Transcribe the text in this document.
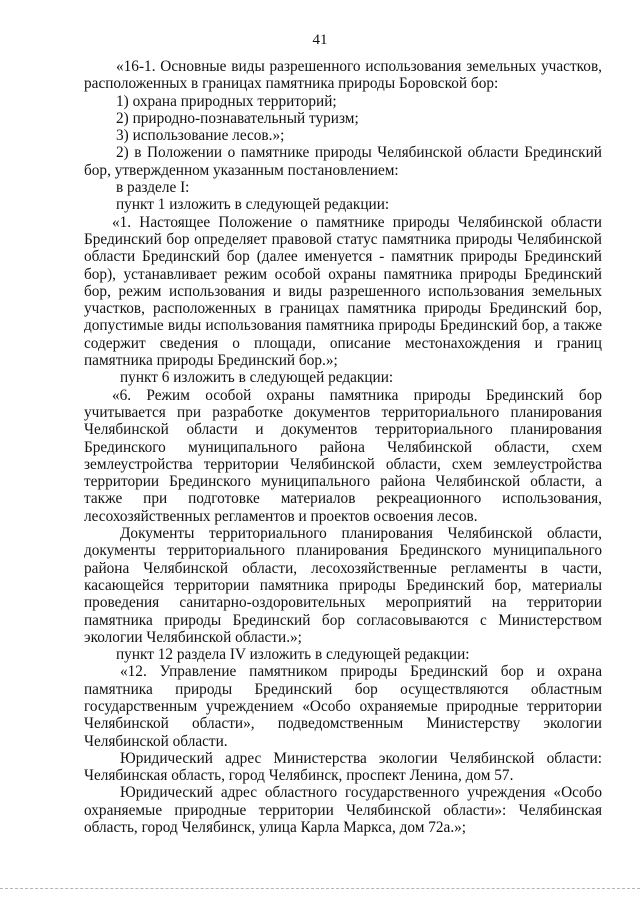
41

«16-1. Основные виды разрешенного использования земельных участков, расположенных в границах памятника природы Боровской бор:

1) охрана природных территорий;

2) природно-познавательный туризм;

3) использование лесов.»;

2) в Положении о памятнике природы Челябинской области Брединский бор, утвержденном указанным постановлением:

в разделе I:

пункт 1 изложить в следующей редакции:

«1. Настоящее Положение о памятнике природы Челябинской области Брединский бор определяет правовой статус памятника природы Челябинской области Брединский бор (далее именуется - памятник природы Брединский бор), устанавливает режим особой охраны памятника природы Брединский бор, режим использования и виды разрешенного использования земельных участков, расположенных в границах памятника природы Брединский бор, допустимые виды использования памятника природы Брединский бор, а также содержит сведения о площади, описание местонахождения и границ памятника природы Брединский бор.»;

пункт 6 изложить в следующей редакции:

«6. Режим особой охраны памятника природы Брединский бор учитывается при разработке документов территориального планирования Челябинской области и документов территориального планирования Брединского муниципального района Челябинской области, схем землеустройства территории Челябинской области, схем землеустройства территории Брединского муниципального района Челябинской области, а также при подготовке материалов рекреационного использования, лесохозяйственных регламентов и проектов освоения лесов.

Документы территориального планирования Челябинской области, документы территориального планирования Брединского муниципального района Челябинской области, лесохозяйственные регламенты в части, касающейся территории памятника природы Брединский бор, материалы проведения санитарно-оздоровительных мероприятий на территории памятника природы Брединский бор согласовываются с Министерством экологии Челябинской области.»;

пункт 12 раздела IV изложить в следующей редакции:

«12. Управление памятником природы Брединский бор и охрана памятника природы Брединский бор осуществляются областным государственным учреждением «Особо охраняемые природные территории Челябинской области», подведомственным Министерству экологии Челябинской области.

Юридический адрес Министерства экологии Челябинской области: Челябинская область, город Челябинск, проспект Ленина, дом 57.

Юридический адрес областного государственного учреждения «Особо охраняемые природные территории Челябинской области»: Челябинская область, город Челябинск, улица Карла Маркса, дом 72а.»;
